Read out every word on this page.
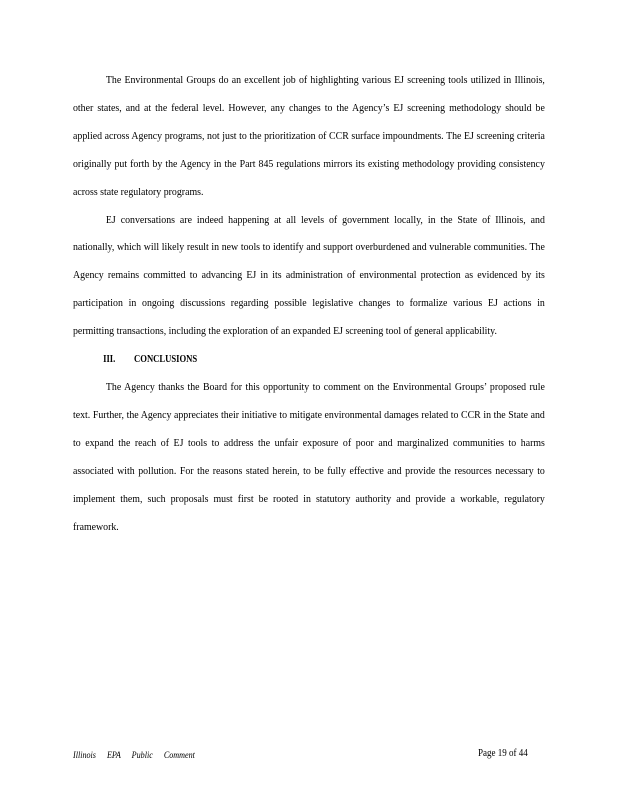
The Environmental Groups do an excellent job of highlighting various EJ screening tools utilized in Illinois, other states, and at the federal level. However, any changes to the Agency’s EJ screening methodology should be applied across Agency programs, not just to the prioritization of CCR surface impoundments. The EJ screening criteria originally put forth by the Agency in the Part 845 regulations mirrors its existing methodology providing consistency across state regulatory programs.

EJ conversations are indeed happening at all levels of government locally, in the State of Illinois, and nationally, which will likely result in new tools to identify and support overburdened and vulnerable communities. The Agency remains committed to advancing EJ in its administration of environmental protection as evidenced by its participation in ongoing discussions regarding possible legislative changes to formalize various EJ actions in permitting transactions, including the exploration of an expanded EJ screening tool of general applicability.

III. CONCLUSIONS

The Agency thanks the Board for this opportunity to comment on the Environmental Groups’ proposed rule text. Further, the Agency appreciates their initiative to mitigate environmental damages related to CCR in the State and to expand the reach of EJ tools to address the unfair exposure of poor and marginalized communities to harms associated with pollution. For the reasons stated herein, to be fully effective and provide the resources necessary to implement them, such proposals must first be rooted in statutory authority and provide a workable, regulatory framework.

Illinois EPA Public Comment	Page 19 of 44
